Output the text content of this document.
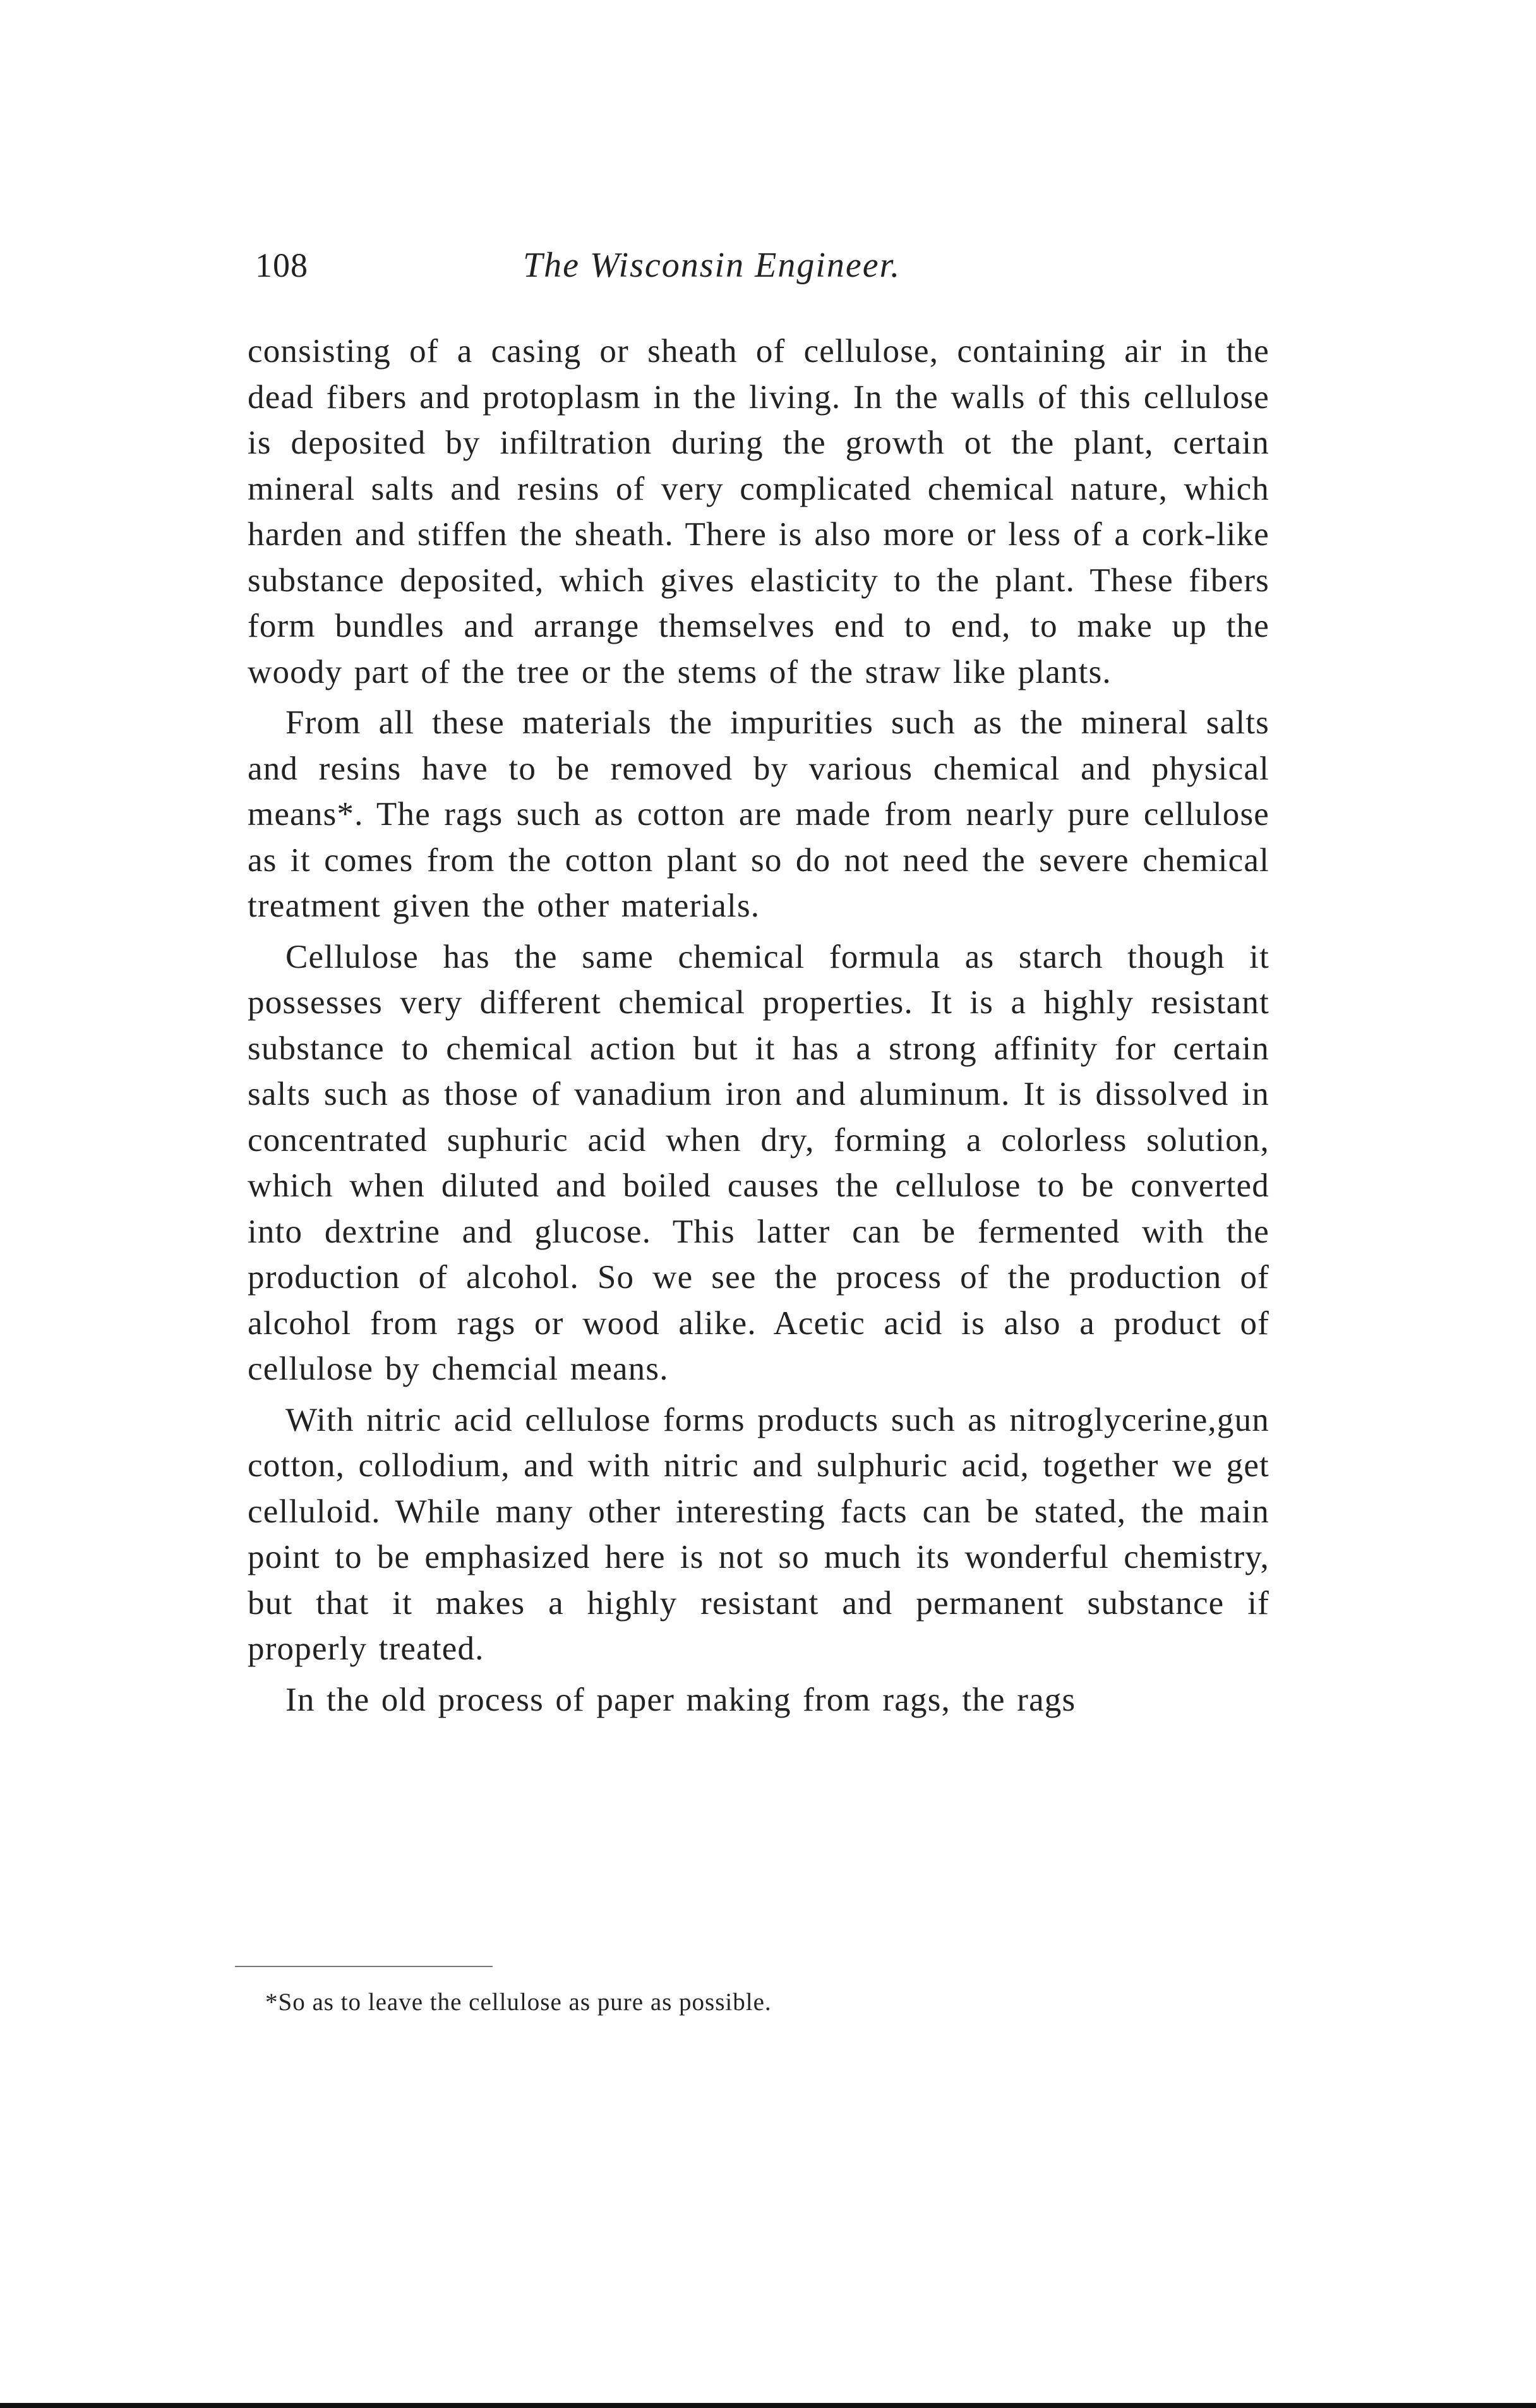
108	The Wisconsin Engineer.

consisting of a casing or sheath of cellulose, containing air in the dead fibers and protoplasm in the living. In the walls of this cellulose is deposited by infiltration during the growth ot the plant, certain mineral salts and resins of very complicated chemical nature, which harden and stiffen the sheath. There is also more or less of a cork-like substance deposited, which gives elasticity to the plant. These fibers form bundles and arrange themselves end to end, to make up the woody part of the tree or the stems of the straw like plants.

From all these materials the impurities such as the mineral salts and resins have to be removed by various chemical and physical means*. The rags such as cotton are made from nearly pure cellulose as it comes from the cotton plant so do not need the severe chemical treatment given the other materials.

Cellulose has the same chemical formula as starch though it possesses very different chemical properties. It is a highly resistant substance to chemical action but it has a strong affinity for certain salts such as those of vanadium iron and aluminum. It is dissolved in concentrated suphuric acid when dry, forming a colorless solution, which when diluted and boiled causes the cellulose to be converted into dextrine and glucose. This latter can be fermented with the production of alcohol. So we see the process of the production of alcohol from rags or wood alike. Acetic acid is also a product of cellulose by chemcial means.

With nitric acid cellulose forms products such as nitroglycerine,gun cotton, collodium, and with nitric and sulphuric acid, together we get celluloid. While many other interesting facts can be stated, the main point to be emphasized here is not so much its wonderful chemistry, but that it makes a highly resistant and permanent substance if properly treated.

In the old process of paper making from rags, the rags

*So as to leave the cellulose as pure as possible.
